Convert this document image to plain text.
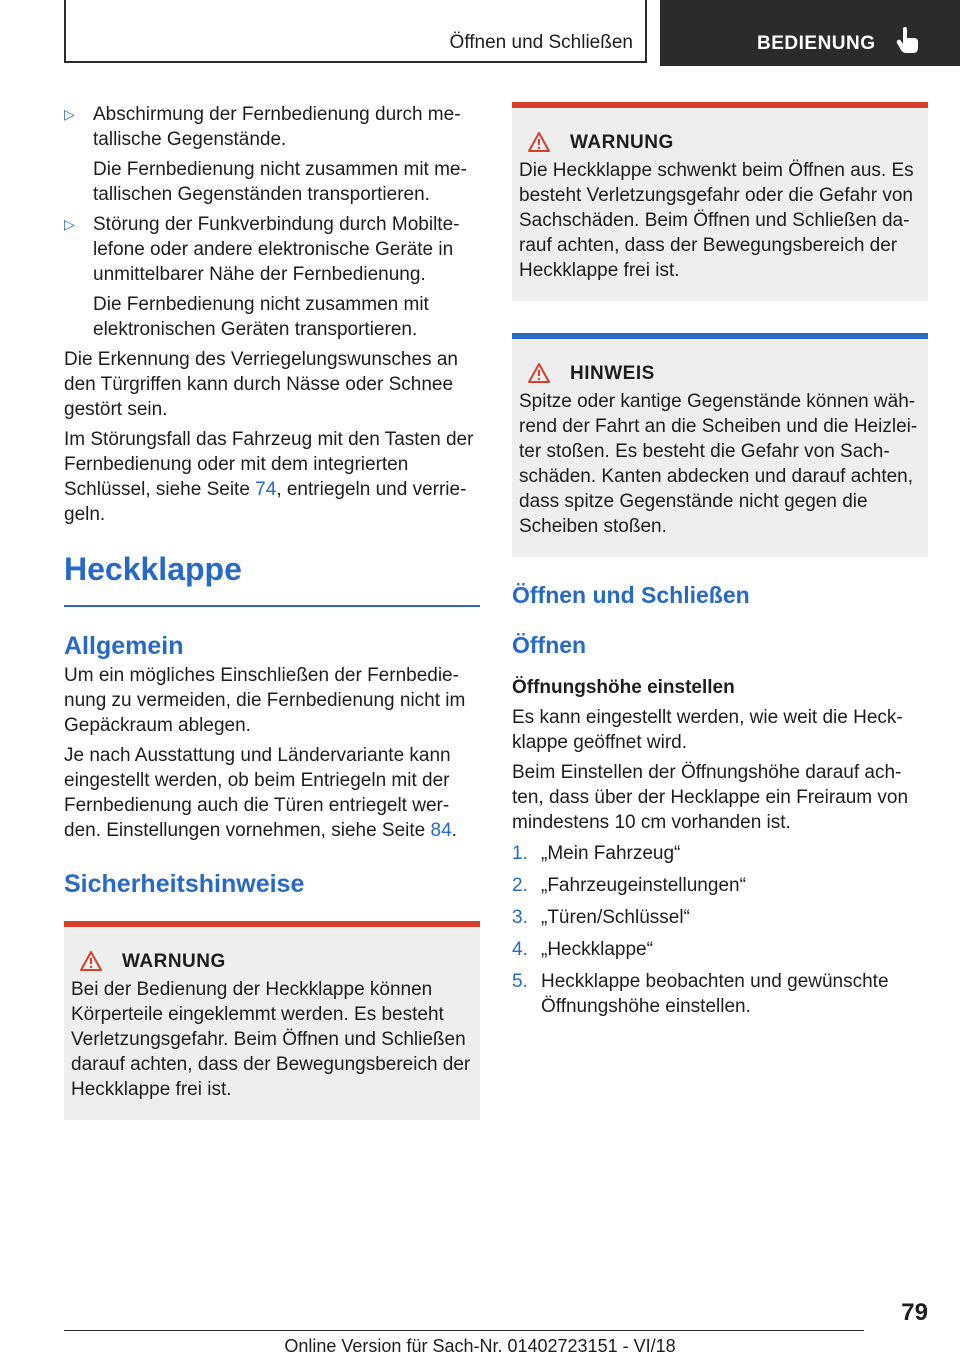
Öffnen und Schließen	BEDIENUNG
▷ Abschirmung der Fernbedienung durch me-tallische Gegenstände.

Die Fernbedienung nicht zusammen mit me-tallischen Gegenständen transportieren.

▷ Störung der Funkverbindung durch Mobilte-lefone oder andere elektronische Geräte in unmittelbarer Nähe der Fernbedienung.

Die Fernbedienung nicht zusammen mit elektronischen Geräten transportieren.

Die Erkennung des Verriegelungswunsches an den Türgriffen kann durch Nässe oder Schnee gestört sein.

Im Störungsfall das Fahrzeug mit den Tasten der Fernbedienung oder mit dem integrierten Schlüssel, siehe Seite 74, entriegeln und verrie-geln.

Heckklappe
Allgemein

Um ein mögliches Einschließen der Fernbedie-nung zu vermeiden, die Fernbedienung nicht im Gepäckraum ablegen.

Je nach Ausstattung und Ländervariante kann eingestellt werden, ob beim Entriegeln mit der Fernbedienung auch die Türen entriegelt wer-den. Einstellungen vornehmen, siehe Seite 84.

Sicherheitshinweise
WARNUNG
Bei der Bedienung der Heckklappe können Körperteile eingeklemmt werden. Es besteht Verletzungsgefahr. Beim Öffnen und Schließen darauf achten, dass der Bewegungsbereich der Heckklappe frei ist.
WARNUNG
Die Heckklappe schwenkt beim Öffnen aus. Es besteht Verletzungsgefahr oder die Gefahr von Sachschäden. Beim Öffnen und Schließen da-rauf achten, dass der Bewegungsbereich der Heckklappe frei ist.
HINWEIS
Spitze oder kantige Gegenstände können wäh-rend der Fahrt an die Scheiben und die Heizlei-ter stoßen. Es besteht die Gefahr von Sach-schäden. Kanten abdecken und darauf achten, dass spitze Gegenstände nicht gegen die Scheiben stoßen.
Öffnen und Schließen
Öffnen
Öffnungshöhe einstellen

Es kann eingestellt werden, wie weit die Heck-klappe geöffnet wird.

Beim Einstellen der Öffnungshöhe darauf ach-ten, dass über der Hecklappe ein Freiraum von mindestens 10 cm vorhanden ist.

1. „Mein Fahrzeug“
2. „Fahrzeugeinstellungen“
3. „Türen/Schlüssel“
4. „Heckklappe“
5. Heckklappe beobachten und gewünschte Öffnungshöhe einstellen.
79
Online Version für Sach-Nr. 01402723151 - VI/18
